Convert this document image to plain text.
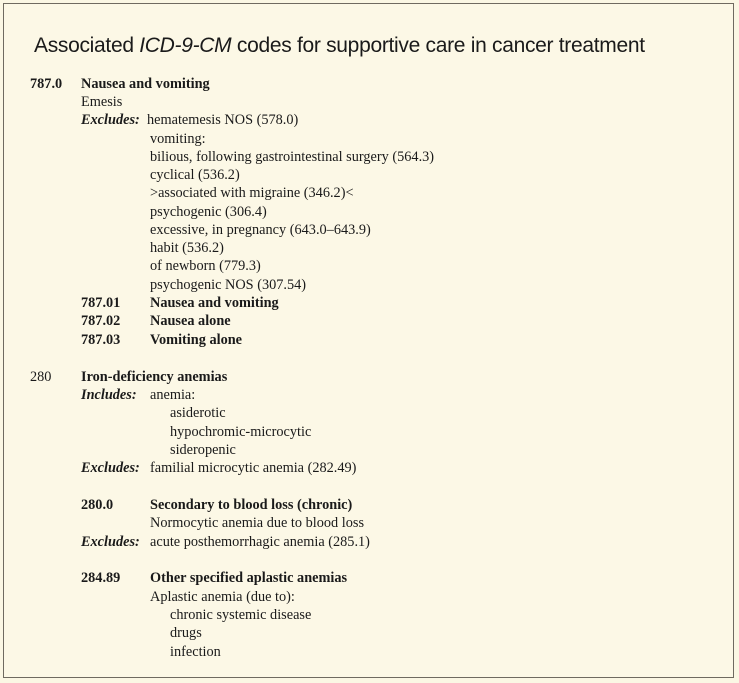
Associated ICD-9-CM codes for supportive care in cancer treatment
787.0 Nausea and vomiting
Emesis
Excludes: hematemesis NOS (578.0)
vomiting:
bilious, following gastrointestinal surgery (564.3)
cyclical (536.2)
>associated with migraine (346.2)<
psychogenic (306.4)
excessive, in pregnancy (643.0–643.9)
habit (536.2)
of newborn (779.3)
psychogenic NOS (307.54)
787.01 Nausea and vomiting
787.02 Nausea alone
787.03 Vomiting alone
280 Iron-deficiency anemias
Includes: anemia:
asiderotic
hypochromic-microcytic
sideropenic
Excludes: familial microcytic anemia (282.49)
280.0	Secondary to blood loss (chronic)
Normocytic anemia due to blood loss
Excludes: acute posthemorrhagic anemia (285.1)
284.89 Other specified aplastic anemias
Aplastic anemia (due to):
chronic systemic disease
drugs
infection
